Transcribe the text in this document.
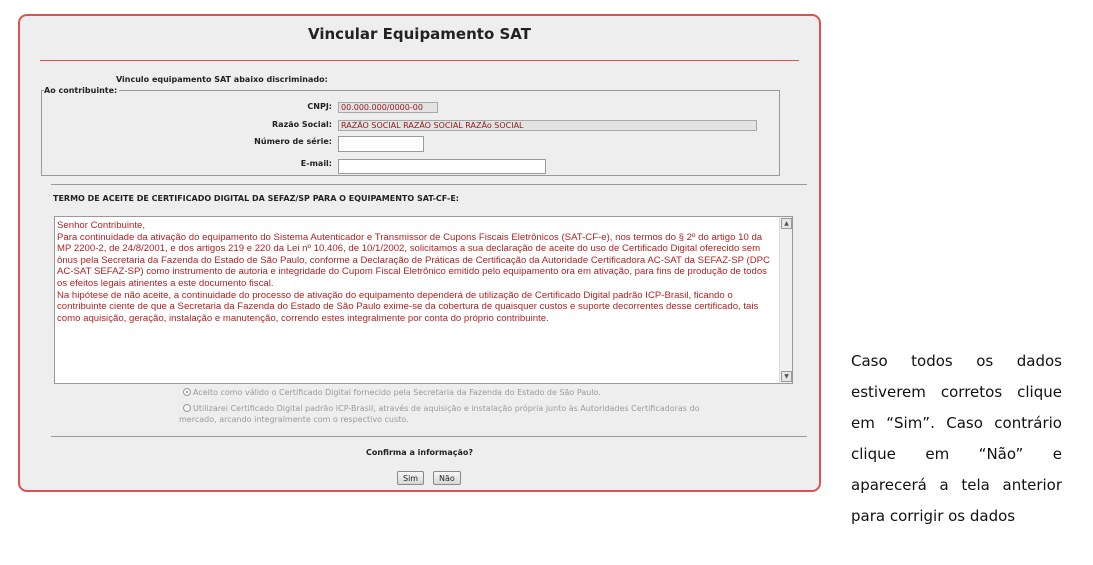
Vincular Equipamento SAT
Vinculo equipamento SAT abaixo discriminado:
Ao contribuinte:
CNPJ:	00.000.000/0000-00
Razão Social:	RAZÃO SOCIAL RAZÃO SOCIAL RAZÃo SOCIAL
Número de série:
E-mail:
TERMO DE ACEITE DE CERTIFICADO DIGITAL DA SEFAZ/SP PARA O EQUIPAMENTO SAT-CF-E:

Senhor Contribuinte,

Para continuidade da ativação do equipamento do Sistema Autenticador e Transmissor de Cupons Fiscais Eletrônicos (SAT-CF-e), nos termos do § 2º do artigo 10 da MP 2200-2, de 24/8/2001, e dos artigos 219 e 220 da Lei nº 10.406, de 10/1/2002, solicitamos a sua declaração de aceite do uso de Certificado Digital oferecido sem ônus pela Secretaria da Fazenda do Estado de São Paulo, conforme a Declaração de Práticas de Certificação da Autoridade Certificadora AC-SAT da SEFAZ-SP (DPC AC-SAT SEFAZ-SP) como instrumento de autoria e integridade do Cupom Fiscal Eletrônico emitido pelo equipamento ora em ativação, para fins de produção de todos os efeitos legais atinentes a este documento fiscal.

Na hipótese de não aceite, a continuidade do processo de ativação do equipamento dependerá de utilização de Certificado Digital padrão ICP-Brasil, ficando o contribuinte ciente de que a Secretaria da Fazenda do Estado de São Paulo exime-se da cobertura de quaisquer custos e suporte decorrentes desse certificado, tais como aquisição, geração, instalação e manutenção, correndo estes integralmente por conta do próprio contribuinte.

▲
▼
Aceito como válido o Certificado Digital fornecido pela Secretaria da Fazenda do Estado de São Paulo.
Utilizarei Certificado Digital padrão ICP-Brasil, através de aquisição e instalação própria junto às Autoridades Certificadoras do mercado, arcando integralmente com o respectivo custo.
Confirma a informação?
Sim	Não
Caso todos os dados estiverem corretos clique em “Sim”. Caso contrário clique em “Não” e aparecerá a tela anterior para corrigir os dados
